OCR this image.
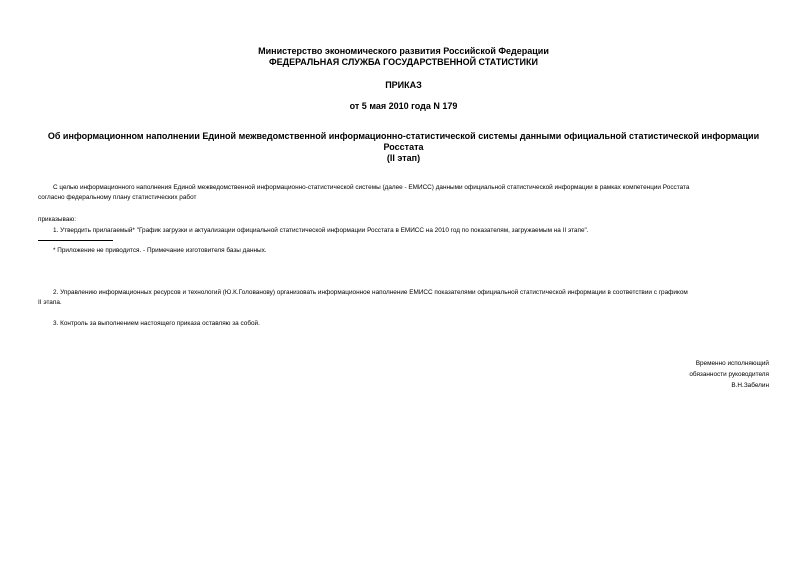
Министерство экономического развития Российской Федерации
ФЕДЕРАЛЬНАЯ СЛУЖБА ГОСУДАРСТВЕННОЙ СТАТИСТИКИ
ПРИКАЗ
от 5 мая 2010 года N 179
Об информационном наполнении Единой межведомственной информационно-статистической системы данными официальной статистической информации
Росстата
(II этап)
С целью информационного наполнения Единой межведомственной информационно-статистической системы (далее - ЕМИСС) данными официальной статистической информации в рамках компетенции Росстата
согласно федеральному плану статистических работ
приказываю:
1. Утвердить прилагаемый* "График загрузки и актуализации официальной статистической информации Росстата в ЕМИСС на 2010 год по показателям, загружаемым на II этапе".
* Приложение не приводится. - Примечание изготовителя базы данных.
2. Управлению информационных ресурсов и технологий (Ю.К.Голованову) организовать информационное наполнение ЕМИСС показателями официальной статистической информации в соответствии с графиком
II этапа.
3. Контроль за выполнением настоящего приказа оставляю за собой.
Временно исполняющий
обязанности руководителя
В.Н.Забелин
